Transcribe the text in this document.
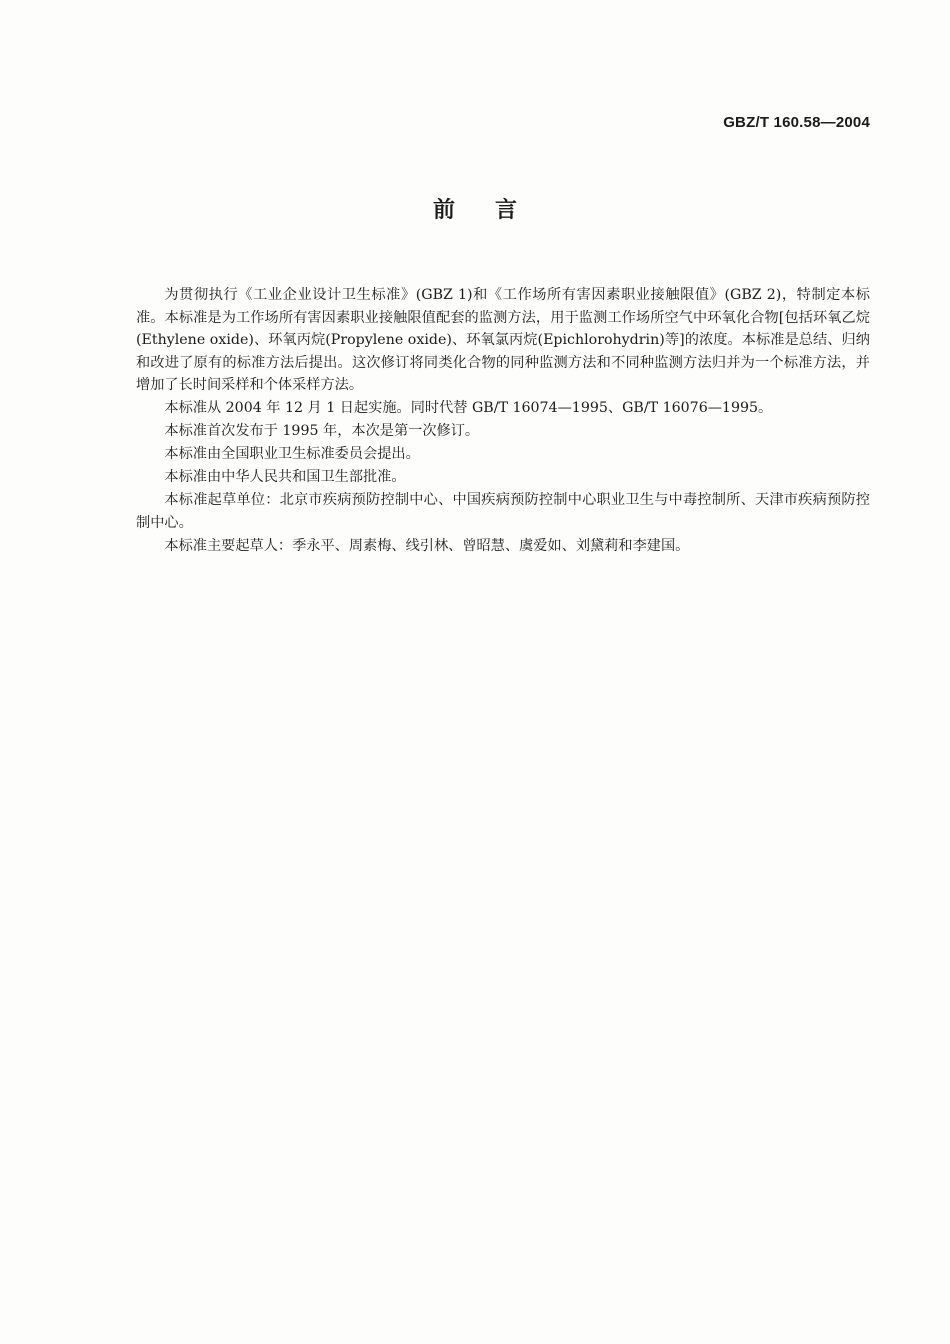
GBZ/T 160.58—2004
前言

为贯彻执行《工业企业设计卫生标准》(GBZ 1)和《工作场所有害因素职业接触限值》(GBZ 2)，特制定本标准。本标准是为工作场所有害因素职业接触限值配套的监测方法，用于监测工作场所空气中环氧化合物[包括环氧乙烷(Ethylene oxide)、环氧丙烷(Propylene oxide)、环氧氯丙烷(Epichlorohydrin)等]的浓度。本标准是总结、归纳和改进了原有的标准方法后提出。这次修订将同类化合物的同种监测方法和不同种监测方法归并为一个标准方法，并增加了长时间采样和个体采样方法。

本标准从 2004 年 12 月 1 日起实施。同时代替 GB/T 16074—1995、GB/T 16076—1995。

本标准首次发布于 1995 年，本次是第一次修订。

本标准由全国职业卫生标准委员会提出。

本标准由中华人民共和国卫生部批准。

本标准起草单位：北京市疾病预防控制中心、中国疾病预防控制中心职业卫生与中毒控制所、天津市疾病预防控制中心。

本标准主要起草人：季永平、周素梅、线引林、曾昭慧、虞爱如、刘黛莉和李建国。
